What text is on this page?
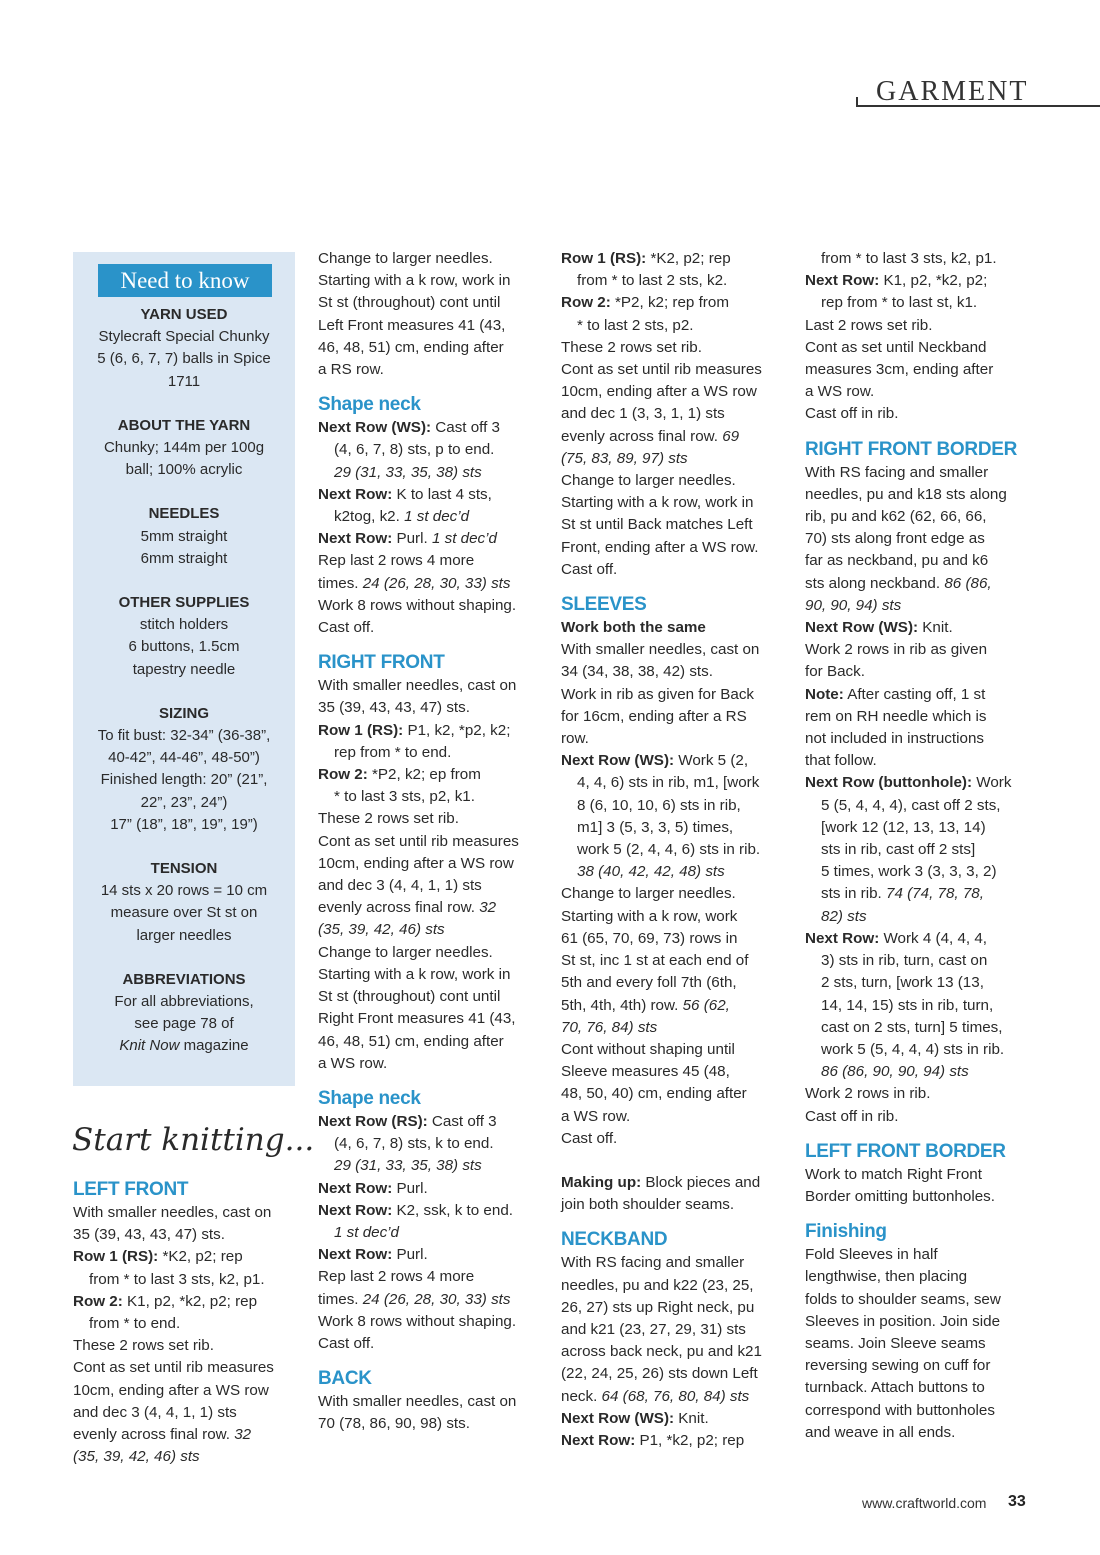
GARMENT
Need to know
YARN USED
Stylecraft Special Chunky
5 (6, 6, 7, 7) balls in Spice
1711
ABOUT THE YARN
Chunky; 144m per 100g
ball; 100% acrylic
NEEDLES
5mm straight
6mm straight
OTHER SUPPLIES
stitch holders
6 buttons, 1.5cm
tapestry needle
SIZING
To fit bust: 32-34” (36-38”,
40-42”, 44-46”, 48-50”)
Finished length: 20” (21”,
22”, 23”, 24”)
17” (18”, 18”, 19”, 19”)
TENSION
14 sts x 20 rows = 10 cm
measure over St st on
larger needles
ABBREVIATIONS
For all abbreviations,
see page 78 of
Knit Now magazine
Start knitting...

LEFT FRONT

With smaller needles, cast on

35 (39, 43, 43, 47) sts.

Row 1 (RS): *K2, p2; rep

from * to last 3 sts, k2, p1.

Row 2: K1, p2, *k2, p2; rep

from * to end.

These 2 rows set rib.

Cont as set until rib measures

10cm, ending after a WS row

and dec 3 (4, 4, 1, 1) sts

evenly across final row. 32

(35, 39, 42, 46) sts

Change to larger needles.

Starting with a k row, work in

St st (throughout) cont until

Left Front measures 41 (43,

46, 48, 51) cm, ending after

a RS row.

Shape neck

Next Row (WS): Cast off 3

(4, 6, 7, 8) sts, p to end.

29 (31, 33, 35, 38) sts

Next Row: K to last 4 sts,

k2tog, k2. 1 st dec’d

Next Row: Purl. 1 st dec’d

Rep last 2 rows 4 more

times. 24 (26, 28, 30, 33) sts

Work 8 rows without shaping.

Cast off.

RIGHT FRONT

With smaller needles, cast on

35 (39, 43, 43, 47) sts.

Row 1 (RS): P1, k2, *p2, k2;

rep from * to end.

Row 2: *P2, k2; ep from

* to last 3 sts, p2, k1.

These 2 rows set rib.

Cont as set until rib measures

10cm, ending after a WS row

and dec 3 (4, 4, 1, 1) sts

evenly across final row. 32

(35, 39, 42, 46) sts

Change to larger needles.

Starting with a k row, work in

St st (throughout) cont until

Right Front measures 41 (43,

46, 48, 51) cm, ending after

a WS row.

Shape neck

Next Row (RS): Cast off 3

(4, 6, 7, 8) sts, k to end.

29 (31, 33, 35, 38) sts

Next Row: Purl.

Next Row: K2, ssk, k to end.

1 st dec’d

Next Row: Purl.

Rep last 2 rows 4 more

times. 24 (26, 28, 30, 33) sts

Work 8 rows without shaping.

Cast off.

BACK

With smaller needles, cast on

70 (78, 86, 90, 98) sts.

Row 1 (RS): *K2, p2; rep

from * to last 2 sts, k2.

Row 2: *P2, k2; rep from

* to last 2 sts, p2.

These 2 rows set rib.

Cont as set until rib measures

10cm, ending after a WS row

and dec 1 (3, 3, 1, 1) sts

evenly across final row. 69

(75, 83, 89, 97) sts

Change to larger needles.

Starting with a k row, work in

St st until Back matches Left

Front, ending after a WS row.

Cast off.

SLEEVES

Work both the same

With smaller needles, cast on

34 (34, 38, 38, 42) sts.

Work in rib as given for Back

for 16cm, ending after a RS

row.

Next Row (WS): Work 5 (2,

4, 4, 6) sts in rib, m1, [work

8 (6, 10, 10, 6) sts in rib,

m1] 3 (5, 3, 3, 5) times,

work 5 (2, 4, 4, 6) sts in rib.

38 (40, 42, 42, 48) sts

Change to larger needles.

Starting with a k row, work

61 (65, 70, 69, 73) rows in

St st, inc 1 st at each end of

5th and every foll 7th (6th,

5th, 4th, 4th) row. 56 (62,

70, 76, 84) sts

Cont without shaping until

Sleeve measures 45 (48,

48, 50, 40) cm, ending after

a WS row.

Cast off.

Making up: Block pieces and

join both shoulder seams.

NECKBAND

With RS facing and smaller

needles, pu and k22 (23, 25,

26, 27) sts up Right neck, pu

and k21 (23, 27, 29, 31) sts

across back neck, pu and k21

(22, 24, 25, 26) sts down Left

neck. 64 (68, 76, 80, 84) sts

Next Row (WS): Knit.

Next Row: P1, *k2, p2; rep

from * to last 3 sts, k2, p1.

Next Row: K1, p2, *k2, p2;

rep from * to last st, k1.

Last 2 rows set rib.

Cont as set until Neckband

measures 3cm, ending after

a WS row.

Cast off in rib.

RIGHT FRONT BORDER

With RS facing and smaller

needles, pu and k18 sts along

rib, pu and k62 (62, 66, 66,

70) sts along front edge as

far as neckband, pu and k6

sts along neckband. 86 (86,

90, 90, 94) sts

Next Row (WS): Knit.

Work 2 rows in rib as given

for Back.

Note: After casting off, 1 st

rem on RH needle which is

not included in instructions

that follow.

Next Row (buttonhole): Work

5 (5, 4, 4, 4), cast off 2 sts,

[work 12 (12, 13, 13, 14)

sts in rib, cast off 2 sts]

5 times, work 3 (3, 3, 3, 2)

sts in rib. 74 (74, 78, 78,

82) sts

Next Row: Work 4 (4, 4, 4,

3) sts in rib, turn, cast on

2 sts, turn, [work 13 (13,

14, 14, 15) sts in rib, turn,

cast on 2 sts, turn] 5 times,

work 5 (5, 4, 4, 4) sts in rib.

86 (86, 90, 90, 94) sts

Work 2 rows in rib.

Cast off in rib.

LEFT FRONT BORDER

Work to match Right Front

Border omitting buttonholes.

Finishing

Fold Sleeves in half

lengthwise, then placing

folds to shoulder seams, sew

Sleeves in position. Join side

seams. Join Sleeve seams

reversing sewing on cuff for

turnback. Attach buttons to

correspond with buttonholes

and weave in all ends.

www.craftworld.com 33
